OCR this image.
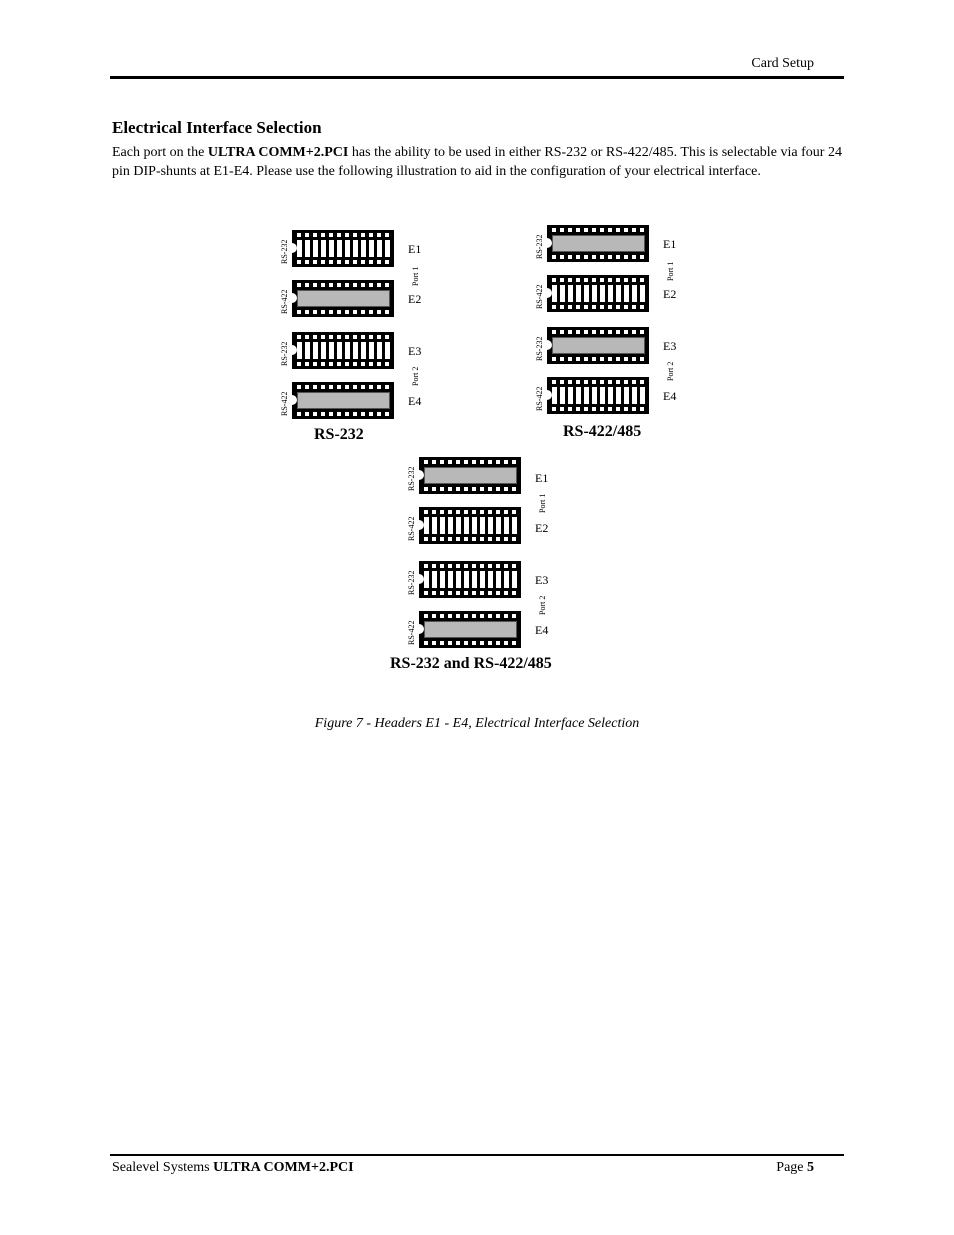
Card Setup
Electrical Interface Selection

Each port on the ULTRA COMM+2.PCI has the ability to be used in either RS-232 or RS-422/485. This is selectable via four 24 pin DIP-shunts at E1-E4. Please use the following illustration to aid in the configuration of your electrical interface.

RS-232
RS-422
RS-232
RS-422
E1
E2
E3
E4
Port 1
Port 2
RS-232
RS-232
RS-422
RS-232
RS-422
E1
E2
E3
E4
Port 1
Port 2
RS-422/485
RS-232
RS-422
RS-232
RS-422
E1
E2
E3
E4
Port 1
Port 2
RS-232 and RS-422/485
Figure 7 - Headers E1 - E4, Electrical Interface Selection
Sealevel Systems ULTRA COMM+2.PCI	Page 5
